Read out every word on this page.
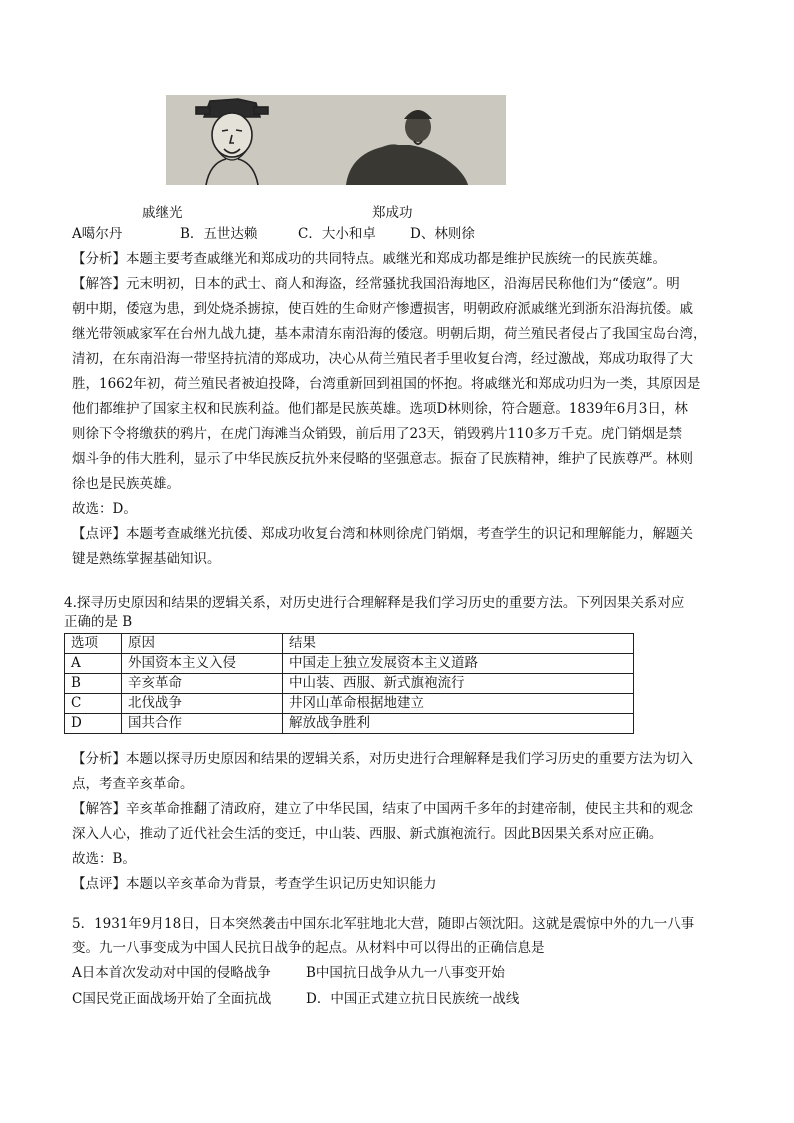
戚继光	郑成功
A噶尔丹	B．五世达赖	C．大小和卓	D、林则徐
【分析】本题主要考查戚继光和郑成功的共同特点。戚继光和郑成功都是维护民族统一的民族英雄。
【解答】元末明初，日本的武士、商人和海盗，经常骚扰我国沿海地区，沿海居民称他们为“倭寇”。明
朝中期，倭寇为患，到处烧杀掳掠，使百姓的生命财产惨遭损害，明朝政府派戚继光到浙东沿海抗倭。戚
继光带领戚家军在台州九战九捷，基本肃清东南沿海的倭寇。明朝后期，荷兰殖民者侵占了我国宝岛台湾，
清初，在东南沿海一带坚持抗清的郑成功，决心从荷兰殖民者手里收复台湾，经过激战，郑成功取得了大
胜，1662年初，荷兰殖民者被迫投降，台湾重新回到祖国的怀抱。将戚继光和郑成功归为一类，其原因是
他们都维护了国家主权和民族利益。他们都是民族英雄。选项D林则徐，符合题意。1839年6月3日，林
则徐下令将缴获的鸦片，在虎门海滩当众销毁，前后用了23天，销毁鸦片110多万千克。虎门销烟是禁
烟斗争的伟大胜利，显示了中华民族反抗外来侵略的坚强意志。振奋了民族精神，维护了民族尊严。林则
徐也是民族英雄。
故选：D。
【点评】本题考查戚继光抗倭、郑成功收复台湾和林则徐虎门销烟，考查学生的识记和理解能力，解题关
键是熟练掌握基础知识。
4.探寻历史原因和结果的逻辑关系，对历史进行合理解释是我们学习历史的重要方法。下列因果关系对应
正确的是 B
选项	原因	结果
A	外国资本主义入侵	中国走上独立发展资本主义道路
B	辛亥革命	中山装、西服、新式旗袍流行
C	北伐战争	井冈山革命根据地建立
D	国共合作	解放战争胜利
【分析】本题以探寻历史原因和结果的逻辑关系，对历史进行合理解释是我们学习历史的重要方法为切入
点，考查辛亥革命。
【解答】辛亥革命推翻了清政府，建立了中华民国，结束了中国两千多年的封建帝制，使民主共和的观念
深入人心，推动了近代社会生活的变迁，中山装、西服、新式旗袍流行。因此B因果关系对应正确。
故选：B。
【点评】本题以辛亥革命为背景，考查学生识记历史知识能力
5．1931年9月18日，日本突然袭击中国东北军驻地北大营，随即占领沈阳。这就是震惊中外的九一八事
变。九一八事变成为中国人民抗日战争的起点。从材料中可以得出的正确信息是
A日本首次发动对中国的侵略战争	B中国抗日战争从九一八事变开始
C国民党正面战场开始了全面抗战	D．中国正式建立抗日民族统一战线
